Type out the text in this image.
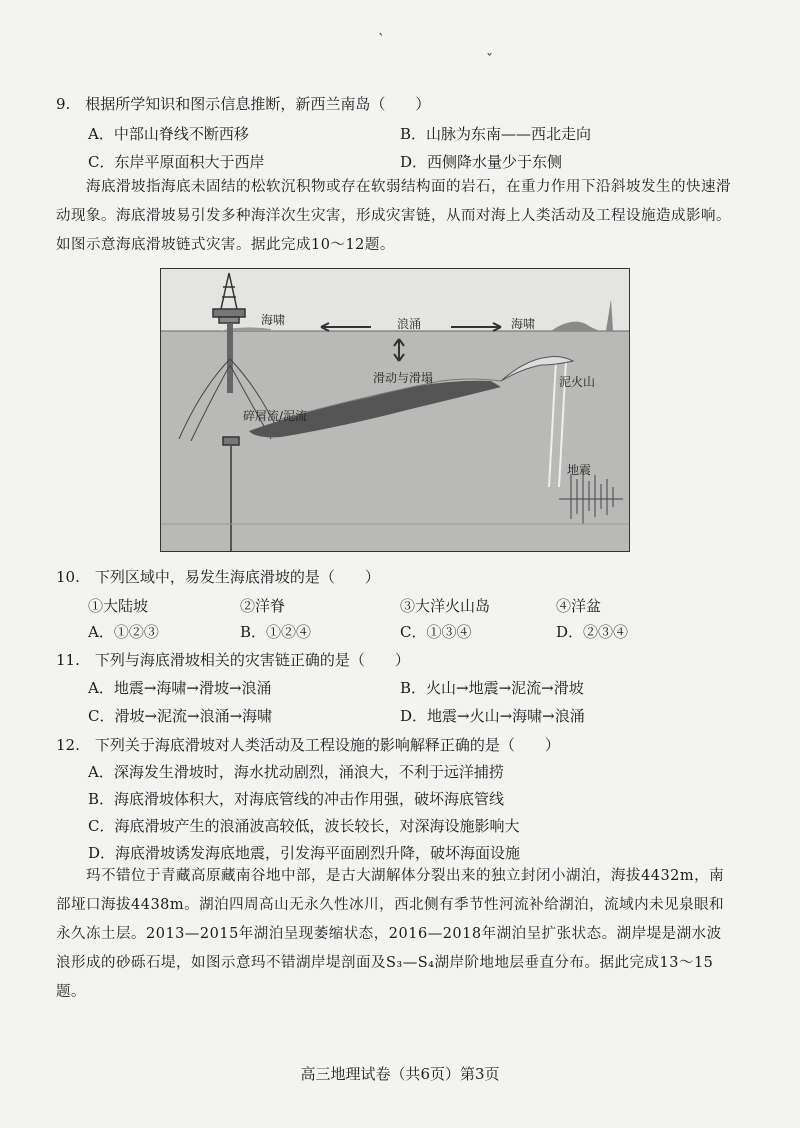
`
ˇ
9.　根据所学知识和图示信息推断，新西兰南岛（　　）
A．中部山脊线不断西移	B．山脉为东南——西北走向
C．东岸平原面积大于西岸	D．西侧降水量少于东侧
海底滑坡指海底未固结的松软沉积物或存在软弱结构面的岩石，在重力作用下沿斜坡发生的快速滑动现象。海底滑坡易引发多种海洋次生灾害，形成灾害链，从而对海上人类活动及工程设施造成影响。如图示意海底滑坡链式灾害。据此完成10～12题。
海啸	浪涌	海啸
滑动与滑塌	泥火山
碎屑流/泥流
地震
10.　下列区域中，易发生海底滑坡的是（　　）
①大陆坡	②洋脊	③大洋火山岛	④洋盆
A．①②③	B．①②④	C．①③④	D．②③④
11.　下列与海底滑坡相关的灾害链正确的是（　　）
A．地震→海啸→滑坡→浪涌	B．火山→地震→泥流→滑坡
C．滑坡→泥流→浪涌→海啸	D．地震→火山→海啸→浪涌
12.　下列关于海底滑坡对人类活动及工程设施的影响解释正确的是（　　）
A．深海发生滑坡时，海水扰动剧烈，涌浪大，不利于远洋捕捞
B．海底滑坡体积大，对海底管线的冲击作用强，破坏海底管线
C．海底滑坡产生的浪涌波高较低，波长较长，对深海设施影响大
D．海底滑坡诱发海底地震，引发海平面剧烈升降，破坏海面设施
玛不错位于青藏高原藏南谷地中部，是古大湖解体分裂出来的独立封闭小湖泊，海拔4432m，南部垭口海拔4438m。湖泊四周高山无永久性冰川，西北侧有季节性河流补给湖泊，流域内未见泉眼和永久冻土层。2013—2015年湖泊呈现萎缩状态，2016—2018年湖泊呈扩张状态。湖岸堤是湖水波浪形成的砂砾石堤，如图示意玛不错湖岸堤剖面及S₃—S₄湖岸阶地地层垂直分布。据此完成13～15题。
高三地理试卷（共6页）第3页
